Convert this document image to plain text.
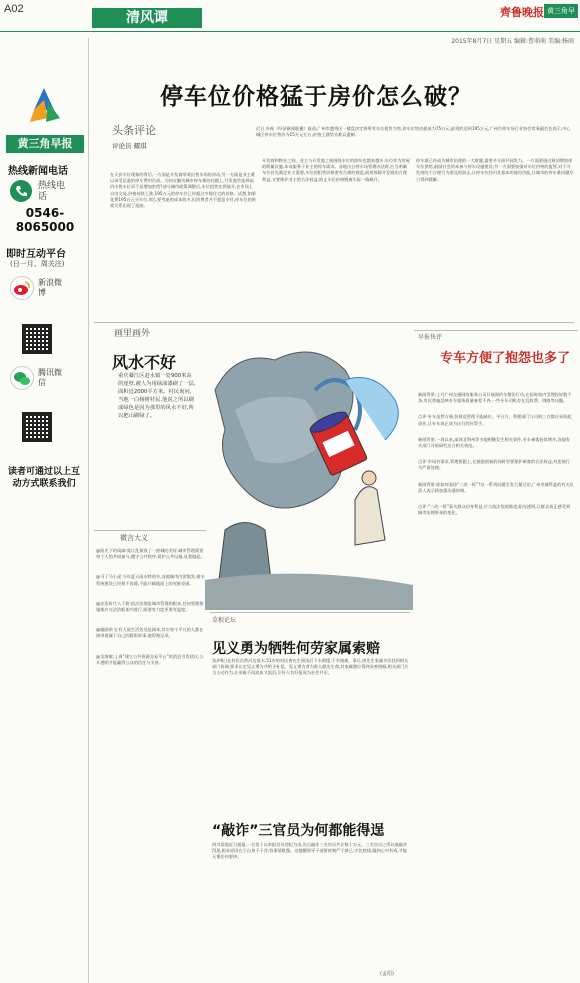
A02
清风谭	齊鲁晚报 黄三角早报
2015年8月7日 星期五 编辑:曹萌萌 美编:杨雨
黄三角早报
热线新闻电话
热线电话
0546-8065000
即时互动平台
(日一月、周关注)
新浪微博
腾讯微信
读者可通过以上互动方式联系我们
停车位价格猛于房价怎么破？
头条评论
评论员 耀琪
近日,央视《经济新闻联播》报道,广州市越秀区一楼盘决定将所有车位租售为售,停车位售价最低为75万元,最贵的达到195万元,广州市停车场行业协会常务副会长表示,中心城区停车位售价为15万元左右,价格上涨势头难以遏制。
在天价车位现象的背后,一方面是开发商举爱出售车场的冲动,另一方面是业主难以承受沉重的停车费用负担。为何在解决城市停车难的问题上,开发商会选择高价出售车位而不是增加供给?部分城市政策调整后,车位租售比例放开,在市场上自由交易,价格持续上涨,195万元的停车位已经超过多数住宅的价格。试想,如果花费195万元买车位,那么要考虑的成本很多,但消费者并不愿意支付,停车位的供需关系出现了扭曲。
开发商和物业之间、业主与开发商之间围绕车位的纠纷也越来越多,车位作为房屋的附属设施,本该服务于业主的停车需求。各地出台停车场管理办法时,应当明确车位首先满足业主需要,车位的租售价格要有合理的规范,既要保障开发商的合理利益,又要维护业主的合法权益,防止车位价格脱离实际一路飙升。
停车难已经成为城市治理的一大难题,需要多方面共同发力。一方面要通过规划增加停车位供给,鼓励社会资本参与停车设施建设;另一方面要加强对车位价格的监管,对于开发商的不合理行为要及时纠正,让停车位回归其基本的使用功能,让城市的停车难问题早日得到缓解。
画里画外
风水不好
重庆綦江区赶水镇一处900米高的崖壁,被人为用绿油漆刷了一层,面积近2000平方米。村民询问,当地一白杨树村民,他说之所以刷成绿色是因为那里的风水不好,所以把山刷绿了。
早报快评
专车方便了抱怨也多了

新闻背景:上月广州交通网络服务公司开展网约车整治行动,在短时间内受理投诉数千条,市民普遍反映专车服务质量参差不齐,一些专车司机存在乱收费、绕路等问题。

点评:专车虽然方便,但规范管理不能缺位。平台方、管理部门与司机三方都应承担起责任,让专车真正成为出行的好帮手。

新闻背景:一周以来,深圳北利州等多地相继发生相关事件,专车乘客投诉增多,各地有关部门开始研究出台相关规范。

点评:市场有需求,管理要跟上,在鼓励创新的同时更要保护乘客的合法权益,对违规行为严肃处理。

新闻背景:你如何看待“三改一拆”?这一系列问题引发大量讨论,广州市城管委的有关负责人表示将加强沟通协调。

点评:“三改一拆”事关群众切身利益,应当依法依规推进,阳光透明,让群众真正感受到城市治理带来的变化。

微言大义

@阳光下的雨滴:莫让乱象毁了一座城的美好,城市管理需要每个人的共同参与,遵守公共秩序,爱护公共设施,从我做起。

@马丁马小虎:今年夏天雨水特别多,各地城市内涝频发,排水系统建设已经刻不容缓,不能只顾地面上的光鲜亮丽。

@法治时代人于简:依法治理是城市管理的根本,任何管理措施都应在法治框架内进行,既要有力度更要有温度。

@编剧余飞:有人说生活处处是剧本,其实每个平凡的人都在演绎着属于自己的精彩故事,值得被记录。

@吴海敏:上周“建立公共资源交易平台”的消息引发热议,公开透明才能赢得公众的信任与支持。

草根论坛
见义勇为牺牲何劳家属索赔
张炉8日在村民自然河边落水,51岁的村民唐先生闻讯后下水救援,不幸遇难。事后,唐先生家属多次找到相关部门协调,要求认定见义勇为并给予补偿。见义勇为者为救人献出生命,其家属理应得到妥善照顾,相关部门应当主动作为,让英雄不再流血又流泪,让好人有好报成为社会共识。
“敲诈”三官员为何都能得逞
四川某地近日通报,一名男子以举报官员违纪为由,先后敲诈三名官员共计数十万元。三名官员之所以被敲诈得逞,根本原因在于自身不干净,怕事情败露。这提醒领导干部要时刻严于律己,守住底线,做到心中有戒,才能无惧任何要挟。
(孟绍)
